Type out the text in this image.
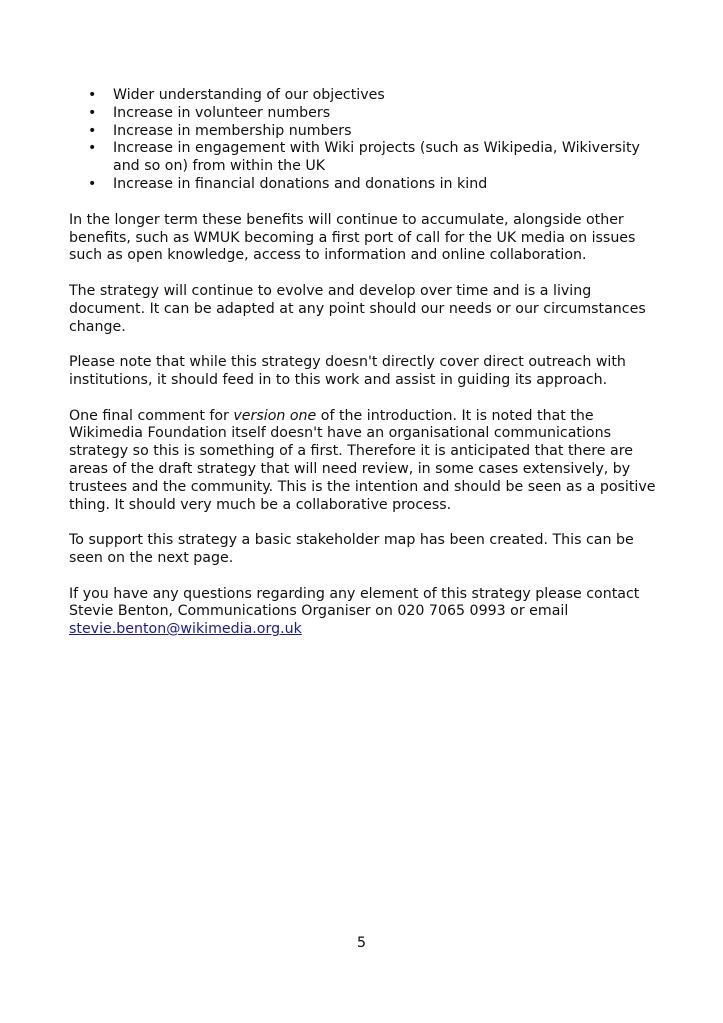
• Wider understanding of our objectives
• Increase in volunteer numbers
• Increase in membership numbers
• Increase in engagement with Wiki projects (such as Wikipedia, Wikiversity and so on) from within the UK
• Increase in financial donations and donations in kind

In the longer term these benefits will continue to accumulate, alongside other benefits, such as WMUK becoming a first port of call for the UK media on issues such as open knowledge, access to information and online collaboration.

The strategy will continue to evolve and develop over time and is a living document. It can be adapted at any point should our needs or our circumstances change.

Please note that while this strategy doesn't directly cover direct outreach with institutions, it should feed in to this work and assist in guiding its approach.

One final comment for version one of the introduction. It is noted that the Wikimedia Foundation itself doesn't have an organisational communications strategy so this is something of a first. Therefore it is anticipated that there are areas of the draft strategy that will need review, in some cases extensively, by trustees and the community. This is the intention and should be seen as a positive thing. It should very much be a collaborative process.

To support this strategy a basic stakeholder map has been created. This can be seen on the next page.

If you have any questions regarding any element of this strategy please contact Stevie Benton, Communications Organiser on 020 7065 0993 or email stevie.benton@wikimedia.org.uk

5
